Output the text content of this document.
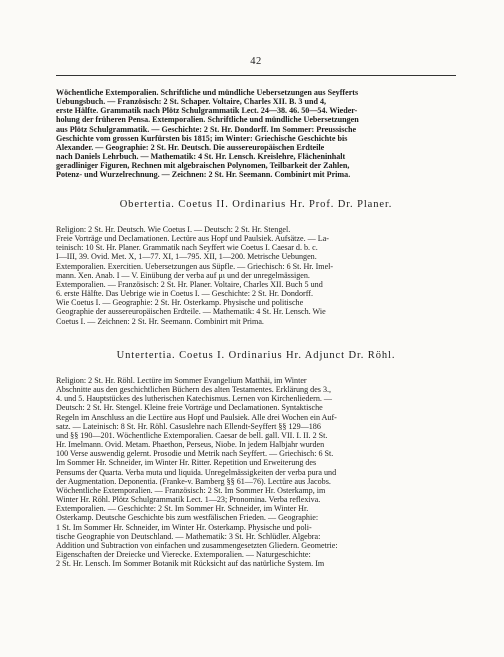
42

Wöchentliche Extemporalien. Schriftliche und mündliche Uebersetzungen aus Seyfferts

Uebungsbuch. — Französisch: 2 St. Schaper. Voltaire, Charles XII. B. 3 und 4,

erste Hälfte. Grammatik nach Plötz Schulgrammatik Lect. 24—38. 46. 50—54. Wieder-

holung der früheren Pensa. Extemporalien. Schriftliche und mündliche Uebersetzungen

aus Plötz Schulgrammatik. — Geschichte: 2 St. Hr. Dondorff. Im Sommer: Preussische

Geschichte vom grossen Kurfürsten bis 1815; im Winter: Griechische Geschichte bis

Alexander. — Geographie: 2 St. Hr. Deutsch. Die aussereuropäischen Erdteile

nach Daniels Lehrbuch. — Mathematik: 4 St. Hr. Lensch. Kreislehre, Flächeninhalt

geradliniger Figuren, Rechnen mit algebraischen Polynomen, Teilbarkeit der Zahlen,

Potenz- und Wurzelrechnung. — Zeichnen: 2 St. Hr. Seemann. Combinirt mit Prima.

Obertertia. Coetus II. Ordinarius Hr. Prof. Dr. Planer.

Religion: 2 St. Hr. Deutsch. Wie Coetus I. — Deutsch: 2 St. Hr. Stengel.

Freie Vorträge und Declamationen. Lectüre aus Hopf und Paulsiek. Aufsätze. — La-

teinisch: 10 St. Hr. Planer. Grammatik nach Seyffert wie Coetus I. Caesar d. b. c.

I—III, 39. Ovid. Met. X, 1—77. XI, 1—795. XII, 1—200. Metrische Uebungen.

Extemporalien. Exercitien. Uebersetzungen aus Süpfle. — Griechisch: 6 St. Hr. Imel-

mann. Xen. Anab. I — V. Einübung der verba auf μι und der unregelmässigen.

Extemporalien. — Französisch: 2 St. Hr. Planer. Voltaire, Charles XII. Buch 5 und

6. erste Hälfte. Das Uebrige wie in Coetus I. — Geschichte: 2 St. Hr. Dondorff.

Wie Coetus I. — Geographie: 2 St. Hr. Osterkamp. Physische und politische

Geographie der aussereuropäischen Erdteile. — Mathematik: 4 St. Hr. Lensch. Wie

Coetus I. — Zeichnen: 2 St. Hr. Seemann. Combinirt mit Prima.

Untertertia. Coetus I. Ordinarius Hr. Adjunct Dr. Röhl.

Religion: 2 St. Hr. Röhl. Lectüre im Sommer Evangelium Matthäi, im Winter

Abschnitte aus den geschichtlichen Büchern des alten Testamentes. Erklärung des 3.,

4. und 5. Hauptstückes des lutherischen Katechismus. Lernen von Kirchenliedern. —

Deutsch: 2 St. Hr. Stengel. Kleine freie Vorträge und Declamationen. Syntaktische

Regeln im Anschluss an die Lectüre aus Hopf und Paulsiek. Alle drei Wochen ein Auf-

satz. — Lateinisch: 8 St. Hr. Röhl. Casuslehre nach Ellendt-Seyffert §§ 129—186

und §§ 190—201. Wöchentliche Extemporalien. Caesar de bell. gall. VII. I. II. 2 St.

Hr. Imelmann. Ovid. Metam. Phaethon, Perseus, Niobe. In jedem Halbjahr wurden

100 Verse auswendig gelernt. Prosodie und Metrik nach Seyffert. — Griechisch: 6 St.

Im Sommer Hr. Schneider, im Winter Hr. Ritter. Repetition und Erweiterung des

Pensums der Quarta. Verba muta und liquida. Unregelmässigkeiten der verba pura und

der Augmentation. Deponentia. (Franke-v. Bamberg §§ 61—76). Lectüre aus Jacobs.

Wöchentliche Extemporalien. — Französisch: 2 St. Im Sommer Hr. Osterkamp, im

Winter Hr. Röhl. Plötz Schulgrammatik Lect. 1—23; Pronomina. Verba reflexiva.

Extemporalien. — Geschichte: 2 St. Im Sommer Hr. Schneider, im Winter Hr.

Osterkamp. Deutsche Geschichte bis zum westfälischen Frieden. — Geographie:

1 St. Im Sommer Hr. Schneider, im Winter Hr. Osterkamp. Physische und poli-

tische Geographie von Deutschland. — Mathematik: 3 St. Hr. Schlüdler. Algebra:

Addition und Subtraction von einfachen und zusammengesetzten Gliedern. Geometrie:

Eigenschaften der Dreiecke und Vierecke. Extemporalien. — Naturgeschichte:

2 St. Hr. Lensch. Im Sommer Botanik mit Rücksicht auf das natürliche System. Im
